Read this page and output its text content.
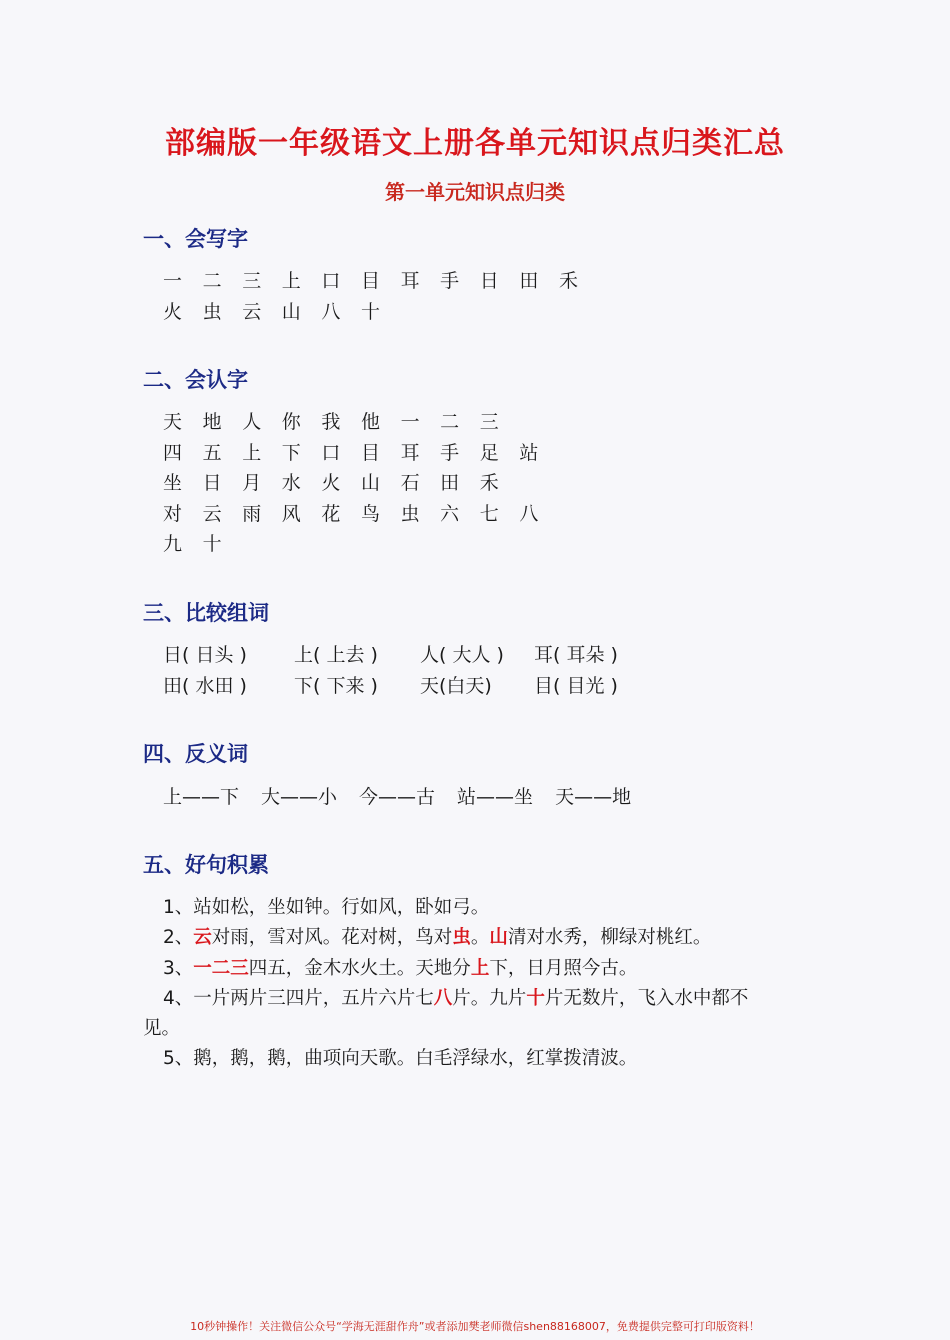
部编版一年级语文上册各单元知识点归类汇总
第一单元知识点归类
一、会写字
一	二	三	上	口	目	耳	手	日	田	禾
火	虫	云	山	八	十
二、会认字
天	地	人	你	我	他	一	二	三
四	五	上	下	口	目	耳	手	足	站
坐	日	月	水	火	山	石	田	禾
对	云	雨	风	花	鸟	虫	六	七	八
九	十
三、比较组词
日( 日头 )	上( 上去 )	人( 大人 )	耳( 耳朵 )
田( 水田 )	下( 下来 )	天(白天)	目( 目光 )
四、反义词
上——下 大——小 今——古 站——坐 天——地
五、好句积累
1、站如松，坐如钟。行如风，卧如弓。
2、云对雨，雪对风。花对树，鸟对虫。山清对水秀，柳绿对桃红。
3、一二三四五，金木水火土。天地分上下，日月照今古。
4、一片两片三四片，五片六片七八片。九片十片无数片，飞入水中都不
见。
5、鹅，鹅，鹅，曲项向天歌。白毛浮绿水，红掌拨清波。
10秒钟操作！关注微信公众号“学海无涯甜作舟”或者添加樊老师微信shen88168007，免费提供完整可打印版资料！
